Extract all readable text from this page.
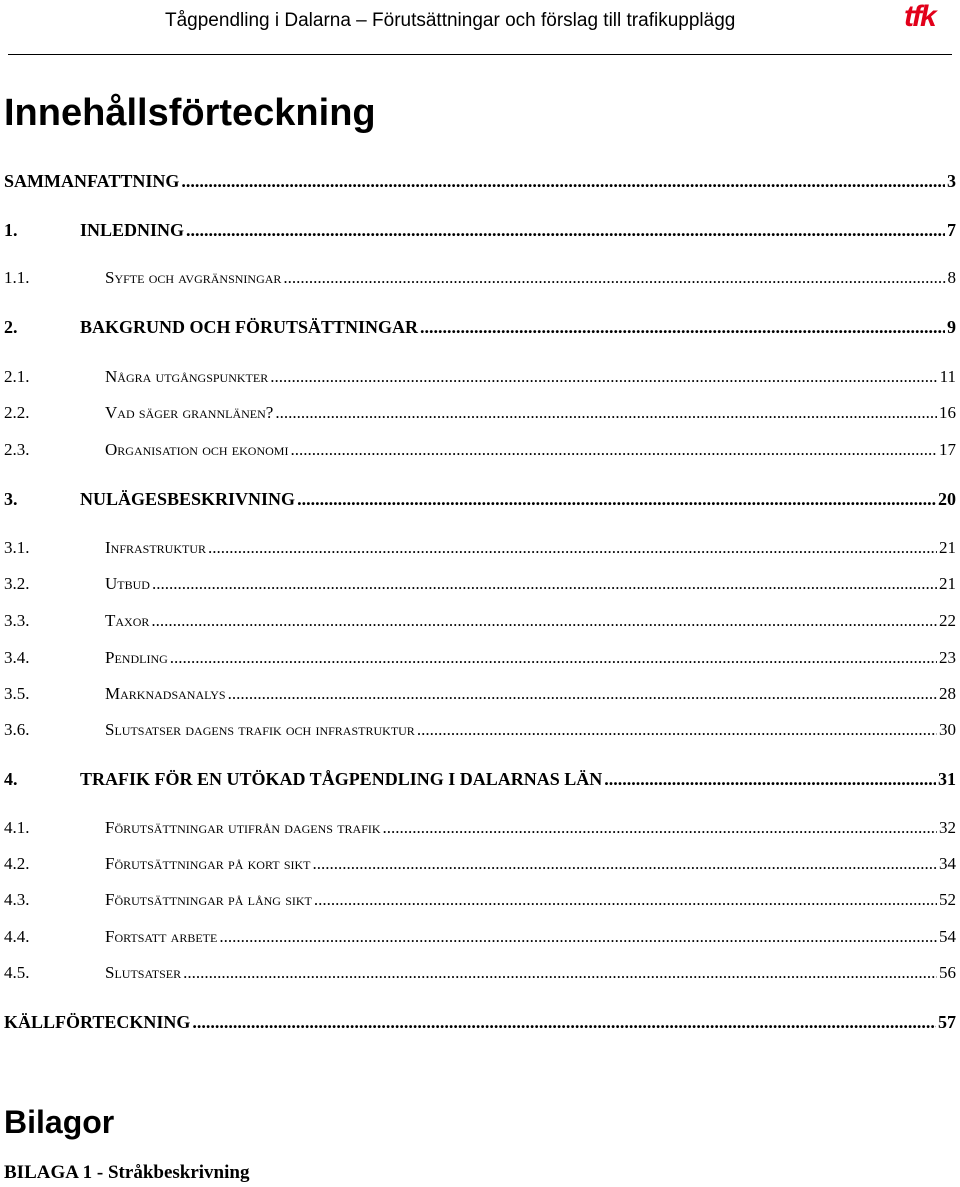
Tågpendling i Dalarna – Förutsättningar och förslag till trafikupplägg	tfk
Innehållsförteckning
SAMMANFATTNING .....	3
1.	INLEDNING .....	7
1.1.	Syfte och avgränsningar .....	8
2.	BAKGRUND OCH FÖRUTSÄTTNINGAR .....	9
2.1.	Några utgångspunkter .....	11
2.2.	Vad säger grannlänen? .....	16
2.3.	Organisation och ekonomi .....	17
3.	NULÄGESBESKRIVNING .....	20
3.1.	Infrastruktur .....	21
3.2.	Utbud .....	21
3.3.	Taxor .....	22
3.4.	Pendling .....	23
3.5.	Marknadsanalys .....	28
3.6.	Slutsatser dagens trafik och infrastruktur .....	30
4.	TRAFIK FÖR EN UTÖKAD TÅGPENDLING I DALARNAS LÄN .....	31
4.1.	Förutsättningar utifrån dagens trafik .....	32
4.2.	Förutsättningar på kort sikt .....	34
4.3.	Förutsättningar på lång sikt .....	52
4.4.	Fortsatt arbete .....	54
4.5.	Slutsatser .....	56
KÄLLFÖRTECKNING .....	57
Bilagor
BILAGA 1 - Stråkbeskrivning
